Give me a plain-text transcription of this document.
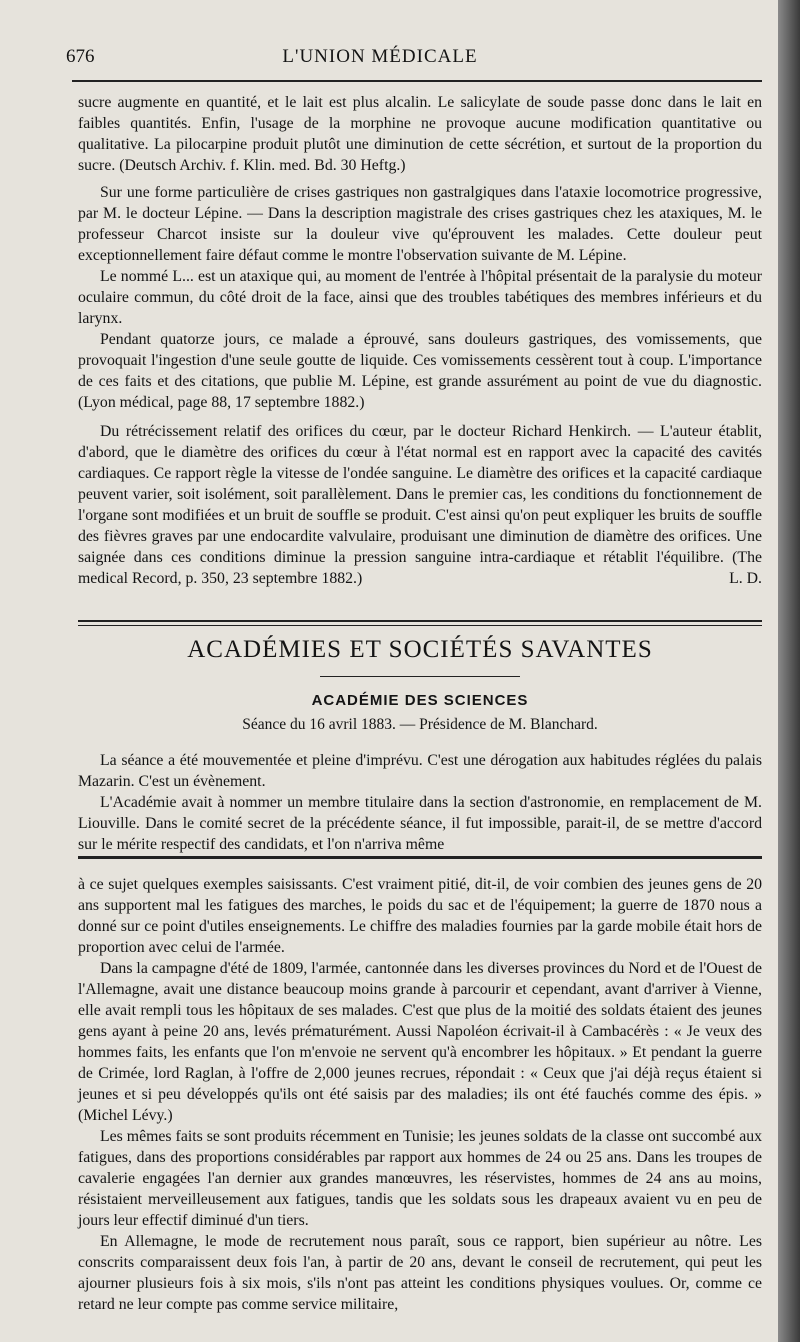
676	L'UNION MÉDICALE

sucre augmente en quantité, et le lait est plus alcalin. Le salicylate de soude passe donc dans le lait en faibles quantités. Enfin, l'usage de la morphine ne provoque aucune modification quantitative ou qualitative. La pilocarpine produit plutôt une diminution de cette sécrétion, et surtout de la proportion du sucre. (Deutsch Archiv. f. Klin. med. Bd. 30 Heftg.)

Sur une forme particulière de crises gastriques non gastralgiques dans l'ataxie locomotrice progressive, par M. le docteur Lépine. — Dans la description magistrale des crises gastriques chez les ataxiques, M. le professeur Charcot insiste sur la douleur vive qu'éprouvent les malades. Cette douleur peut exceptionnellement faire défaut comme le montre l'observation suivante de M. Lépine.

Le nommé L... est un ataxique qui, au moment de l'entrée à l'hôpital présentait de la paralysie du moteur oculaire commun, du côté droit de la face, ainsi que des troubles tabétiques des membres inférieurs et du larynx.

Pendant quatorze jours, ce malade a éprouvé, sans douleurs gastriques, des vomissements, que provoquait l'ingestion d'une seule goutte de liquide. Ces vomissements cessèrent tout à coup. L'importance de ces faits et des citations, que publie M. Lépine, est grande assurément au point de vue du diagnostic. (Lyon médical, page 88, 17 septembre 1882.)

Du rétrécissement relatif des orifices du cœur, par le docteur Richard Henkirch. — L'auteur établit, d'abord, que le diamètre des orifices du cœur à l'état normal est en rapport avec la capacité des cavités cardiaques. Ce rapport règle la vitesse de l'ondée sanguine. Le diamètre des orifices et la capacité cardiaque peuvent varier, soit isolément, soit parallèlement. Dans le premier cas, les conditions du fonctionnement de l'organe sont modifiées et un bruit de souffle se produit. C'est ainsi qu'on peut expliquer les bruits de souffle des fièvres graves par une endocardite valvulaire, produisant une diminution de diamètre des orifices. Une saignée dans ces conditions diminue la pression sanguine intra-cardiaque et rétablit l'équilibre. (The medical Record, p. 350, 23 septembre 1882.)	L. D.

ACADÉMIES ET SOCIÉTÉS SAVANTES
ACADÉMIE DES SCIENCES
Séance du 16 avril 1883. — Présidence de M. Blanchard.

La séance a été mouvementée et pleine d'imprévu. C'est une dérogation aux habitudes réglées du palais Mazarin. C'est un évènement.

L'Académie avait à nommer un membre titulaire dans la section d'astronomie, en remplacement de M. Liouville. Dans le comité secret de la précédente séance, il fut impossible, parait-il, de se mettre d'accord sur le mérite respectif des candidats, et l'on n'arriva même

à ce sujet quelques exemples saisissants. C'est vraiment pitié, dit-il, de voir combien des jeunes gens de 20 ans supportent mal les fatigues des marches, le poids du sac et de l'équipement; la guerre de 1870 nous a donné sur ce point d'utiles enseignements. Le chiffre des maladies fournies par la garde mobile était hors de proportion avec celui de l'armée.

Dans la campagne d'été de 1809, l'armée, cantonnée dans les diverses provinces du Nord et de l'Ouest de l'Allemagne, avait une distance beaucoup moins grande à parcourir et cependant, avant d'arriver à Vienne, elle avait rempli tous les hôpitaux de ses malades. C'est que plus de la moitié des soldats étaient des jeunes gens ayant à peine 20 ans, levés prématurément. Aussi Napoléon écrivait-il à Cambacérès : « Je veux des hommes faits, les enfants que l'on m'envoie ne servent qu'à encombrer les hôpitaux. » Et pendant la guerre de Crimée, lord Raglan, à l'offre de 2,000 jeunes recrues, répondait : « Ceux que j'ai déjà reçus étaient si jeunes et si peu développés qu'ils ont été saisis par des maladies; ils ont été fauchés comme des épis. » (Michel Lévy.)

Les mêmes faits se sont produits récemment en Tunisie; les jeunes soldats de la classe ont succombé aux fatigues, dans des proportions considérables par rapport aux hommes de 24 ou 25 ans. Dans les troupes de cavalerie engagées l'an dernier aux grandes manœuvres, les réservistes, hommes de 24 ans au moins, résistaient merveilleusement aux fatigues, tandis que les soldats sous les drapeaux avaient vu en peu de jours leur effectif diminué d'un tiers.

En Allemagne, le mode de recrutement nous paraît, sous ce rapport, bien supérieur au nôtre. Les conscrits comparaissent deux fois l'an, à partir de 20 ans, devant le conseil de recrutement, qui peut les ajourner plusieurs fois à six mois, s'ils n'ont pas atteint les conditions physiques voulues. Or, comme ce retard ne leur compte pas comme service militaire,
